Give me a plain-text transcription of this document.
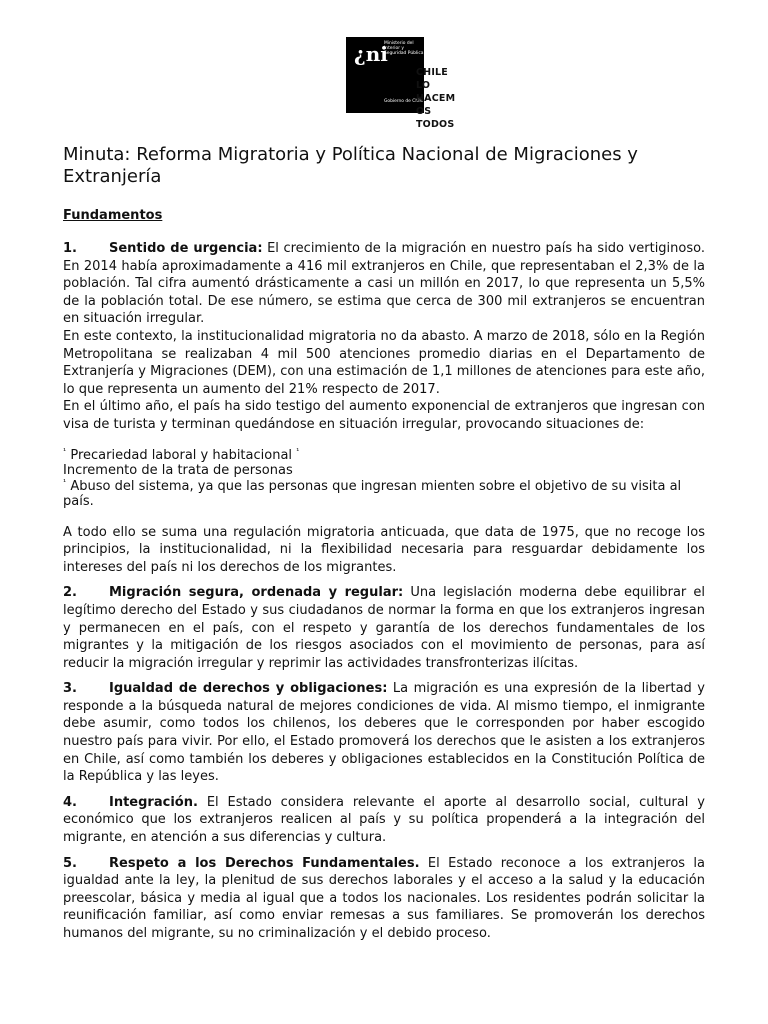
¿ni
Ministerio del Interior y Seguridad Pública
Gobierno de Chile
CHILE
LO
HACEM
OS
TODOS
Minuta: Reforma Migratoria y Política Nacional de Migraciones y Extranjería
Fundamentos

1. Sentido de urgencia: El crecimiento de la migración en nuestro país ha sido vertiginoso. En 2014 había aproximadamente a 416 mil extranjeros en Chile, que representaban el 2,3% de la población. Tal cifra aumentó drásticamente a casi un millón en 2017, lo que representa un 5,5% de la población total. De ese número, se estima que cerca de 300 mil extranjeros se encuentran en situación irregular.

En este contexto, la institucionalidad migratoria no da abasto. A marzo de 2018, sólo en la Región Metropolitana se realizaban 4 mil 500 atenciones promedio diarias en el Departamento de Extranjería y Migraciones (DEM), con una estimación de 1,1 millones de atenciones para este año, lo que representa un aumento del 21% respecto de 2017.

En el último año, el país ha sido testigo del aumento exponencial de extranjeros que ingresan con visa de turista y terminan quedándose en situación irregular, provocando situaciones de:

$^{^1}$ Precariedad laboral y habitacional $^{^1}$
Incremento de la trata de personas
$^{^1}$ Abuso del sistema, ya que las personas que ingresan mienten sobre el objetivo de su visita al país.

A todo ello se suma una regulación migratoria anticuada, que data de 1975, que no recoge los principios, la institucionalidad, ni la flexibilidad necesaria para resguardar debidamente los intereses del país ni los derechos de los migrantes.

2. Migración segura, ordenada y regular: Una legislación moderna debe equilibrar el legítimo derecho del Estado y sus ciudadanos de normar la forma en que los extranjeros ingresan y permanecen en el país, con el respeto y garantía de los derechos fundamentales de los migrantes y la mitigación de los riesgos asociados con el movimiento de personas, para así reducir la migración irregular y reprimir las actividades transfronterizas ilícitas.

3. Igualdad de derechos y obligaciones: La migración es una expresión de la libertad y responde a la búsqueda natural de mejores condiciones de vida. Al mismo tiempo, el inmigrante debe asumir, como todos los chilenos, los deberes que le corresponden por haber escogido nuestro país para vivir. Por ello, el Estado promoverá los derechos que le asisten a los extranjeros en Chile, así como también los deberes y obligaciones establecidos en la Constitución Política de la República y las leyes.

4. Integración. El Estado considera relevante el aporte al desarrollo social, cultural y económico que los extranjeros realicen al país y su política propenderá a la integración del migrante, en atención a sus diferencias y cultura.

5. Respeto a los Derechos Fundamentales. El Estado reconoce a los extranjeros la igualdad ante la ley, la plenitud de sus derechos laborales y el acceso a la salud y la educación preescolar, básica y media al igual que a todos los nacionales. Los residentes podrán solicitar la reunificación familiar, así como enviar remesas a sus familiares. Se promoverán los derechos humanos del migrante, su no criminalización y el debido proceso.
